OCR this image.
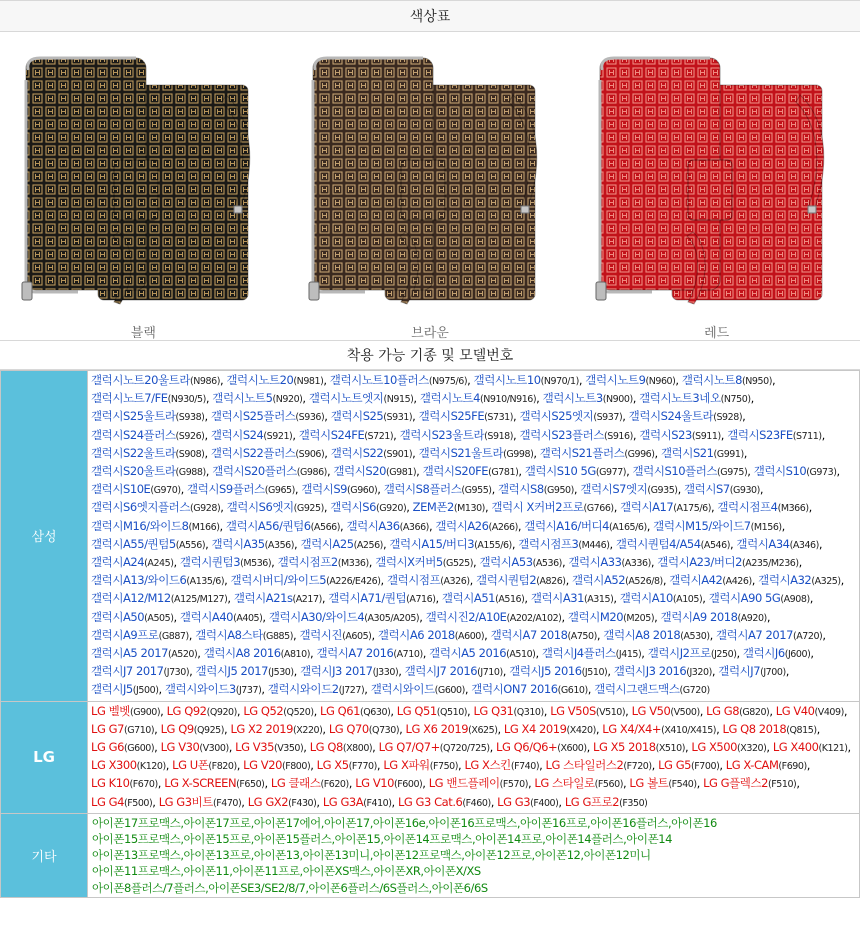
색상표
블랙	브라운	레드
착용 가능 기종 및 모델번호
삼성	갤럭시노트20울트라(N986), 갤럭시노트20(N981), 갤럭시노트10플러스(N975/6), 갤럭시노트10(N970/1), 갤럭시노트9(N960), 갤럭시노트8(N950), 갤럭시노트7/FE(N930/5), 갤럭시노트5(N920), 갤럭시노트엣지(N915), 갤럭시노트4(N910/N916), 갤럭시노트3(N900), 갤럭시노트3네오(N750), 갤럭시S25울트라(S938), 갤럭시S25플러스(S936), 갤럭시S25(S931), 갤럭시S25FE(S731), 갤럭시S25엣지(S937), 갤럭시S24울트라(S928), 갤럭시S24플러스(S926), 갤럭시S24(S921), 갤럭시S24FE(S721), 갤럭시S23울트라(S918), 갤럭시S23플러스(S916), 갤럭시S23(S911), 갤럭시S23FE(S711), 갤럭시S22울트라(S908), 갤럭시S22플러스(S906), 갤럭시S22(S901), 갤럭시S21울트라(G998), 갤럭시S21플러스(G996), 갤럭시S21(G991), 갤럭시S20울트라(G988), 갤럭시S20플러스(G986), 갤럭시S20(G981), 갤럭시S20FE(G781), 갤럭시S10 5G(G977), 갤럭시S10플러스(G975), 갤럭시S10(G973), 갤럭시S10E(G970), 갤럭시S9플러스(G965), 갤럭시S9(G960), 갤럭시S8플러스(G955), 갤럭시S8(G950), 갤럭시S7엣지(G935), 갤럭시S7(G930), 갤럭시S6엣지플러스(G928), 갤럭시S6엣지(G925), 갤럭시S6(G920), ZEM폰2(M130), 갤럭시 X커버2프로(G766), 갤럭시A17(A175/6), 갤럭시점프4(M366), 갤럭시M16/와이드8(M166), 갤럭시A56/퀀텀6(A566), 갤럭시A36(A366), 갤럭시A26(A266), 갤럭시A16/버디4(A165/6), 갤럭시M15/와이드7(M156), 갤럭시A55/퀀텀5(A556), 갤럭시A35(A356), 갤럭시A25(A256), 갤럭시A15/버디3(A155/6), 갤럭시점프3(M446), 갤럭시퀀텀4/A54(A546), 갤럭시A34(A346), 갤럭시A24(A245), 갤럭시퀀텀3(M536), 갤럭시점프2(M336), 갤럭시X커버5(G525), 갤럭시A53(A536), 갤럭시A33(A336), 갤럭시A23/버디2(A235/M236), 갤럭시A13/와이드6(A135/6), 갤럭시버디/와이드5(A226/E426), 갤럭시점프(A326), 갤럭시퀀텀2(A826), 갤럭시A52(A526/8), 갤럭시A42(A426), 갤럭시A32(A325), 갤럭시A12/M12(A125/M127), 갤럭시A21s(A217), 갤럭시A71/퀀텀(A716), 갤럭시A51(A516), 갤럭시A31(A315), 갤럭시A10(A105), 갤럭시A90 5G(A908), 갤럭시A50(A505), 갤럭시A40(A405), 갤럭시A30/와이드4(A305/A205), 갤럭시진2/A10E(A202/A102), 갤럭시M20(M205), 갤럭시A9 2018(A920), 갤럭시A9프로(G887), 갤럭시A8스타(G885), 갤럭시진(A605), 갤럭시A6 2018(A600), 갤럭시A7 2018(A750), 갤럭시A8 2018(A530), 갤럭시A7 2017(A720), 갤럭시A5 2017(A520), 갤럭시A8 2016(A810), 갤럭시A7 2016(A710), 갤럭시A5 2016(A510), 갤럭시J4플러스(J415), 갤럭시J2프로(J250), 갤럭시J6(J600), 갤럭시J7 2017(J730), 갤럭시J5 2017(J530), 갤럭시J3 2017(J330), 갤럭시J7 2016(J710), 갤럭시J5 2016(J510), 갤럭시J3 2016(J320), 갤럭시J7(J700), 갤럭시J5(J500), 갤럭시와이드3(J737), 갤럭시와이드2(J727), 갤럭시와이드(G600), 갤럭시ON7 2016(G610), 갤럭시그랜드맥스(G720)
LG	LG 벨벳(G900), LG Q92(Q920), LG Q52(Q520), LG Q61(Q630), LG Q51(Q510), LG Q31(Q310), LG V50S(V510), LG V50(V500), LG G8(G820), LG V40(V409), LG G7(G710), LG Q9(Q925), LG X2 2019(X220), LG Q70(Q730), LG X6 2019(X625), LG X4 2019(X420), LG X4/X4+(X410/X415), LG Q8 2018(Q815), LG G6(G600), LG V30(V300), LG V35(V350), LG Q8(X800), LG Q7/Q7+(Q720/725), LG Q6/Q6+(X600), LG X5 2018(X510), LG X500(X320), LG X400(K121), LG X300(K120), LG U폰(F820), LG V20(F800), LG X5(F770), LG X파워(F750), LG X스킨(F740), LG 스타일러스2(F720), LG G5(F700), LG X-CAM(F690), LG K10(F670), LG X-SCREEN(F650), LG 클래스(F620), LG V10(F600), LG 밴드플레이(F570), LG 스타일로(F560), LG 볼트(F540), LG G플렉스2(F510), LG G4(F500), LG G3비트(F470), LG GX2(F430), LG G3A(F410), LG G3 Cat.6(F460), LG G3(F400), LG G프로2(F350)
기타	아이폰17프로맥스,아이폰17프로,아이폰17에어,아이폰17,아이폰16e,아이폰16프로맥스,아이폰16프로,아이폰16플러스,아이폰16
아이폰15프로맥스,아이폰15프로,아이폰15플러스,아이폰15,아이폰14프로맥스,아이폰14프로,아이폰14플러스,아이폰14
아이폰13프로맥스,아이폰13프로,아이폰13,아이폰13미니,아이폰12프로맥스,아이폰12프로,아이폰12,아이폰12미니
아이폰11프로맥스,아이폰11,아이폰11프로,아이폰XS맥스,아이폰XR,아이폰X/XS
아이폰8플러스/7플러스,아이폰SE3/SE2/8/7,아이폰6플러스/6S플러스,아이폰6/6S
